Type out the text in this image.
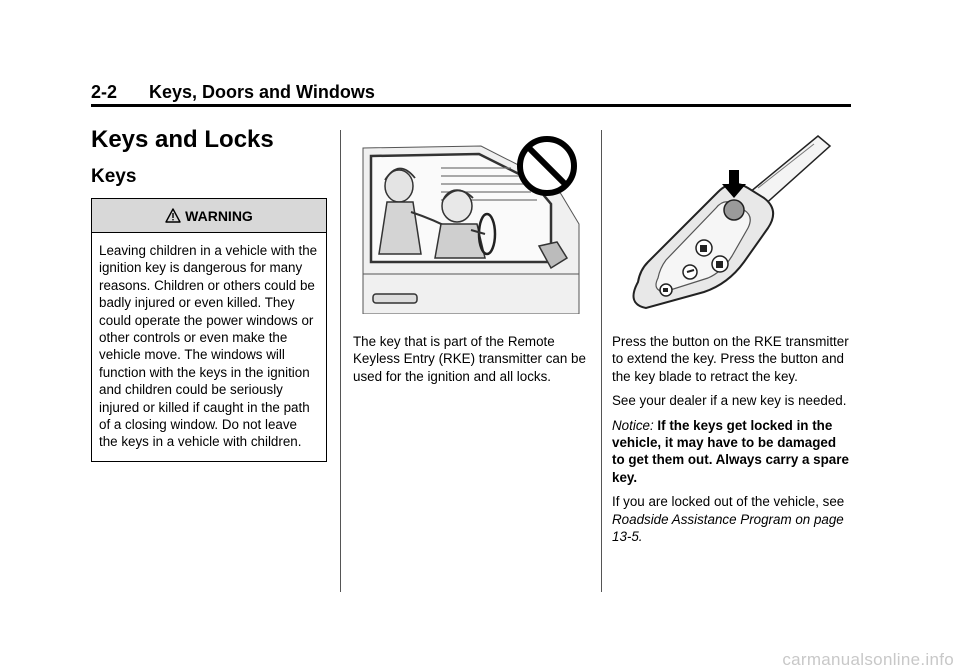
2-2 Keys, Doors and Windows
Keys and Locks
Keys
WARNING
Leaving children in a vehicle with the ignition key is dangerous for many reasons. Children or others could be badly injured or even killed. They could operate the power windows or other controls or even make the vehicle move. The windows will function with the keys in the ignition and children could be seriously injured or killed if caught in the path of a closing window. Do not leave the keys in a vehicle with children.

The key that is part of the Remote Keyless Entry (RKE) transmitter can be used for the ignition and all locks.

Press the button on the RKE transmitter to extend the key. Press the button and the key blade to retract the key.

See your dealer if a new key is needed.

Notice: If the keys get locked in the vehicle, it may have to be damaged to get them out. Always carry a spare key.

If you are locked out of the vehicle, see Roadside Assistance Program on page 13-5.

carmanualsonline.info
